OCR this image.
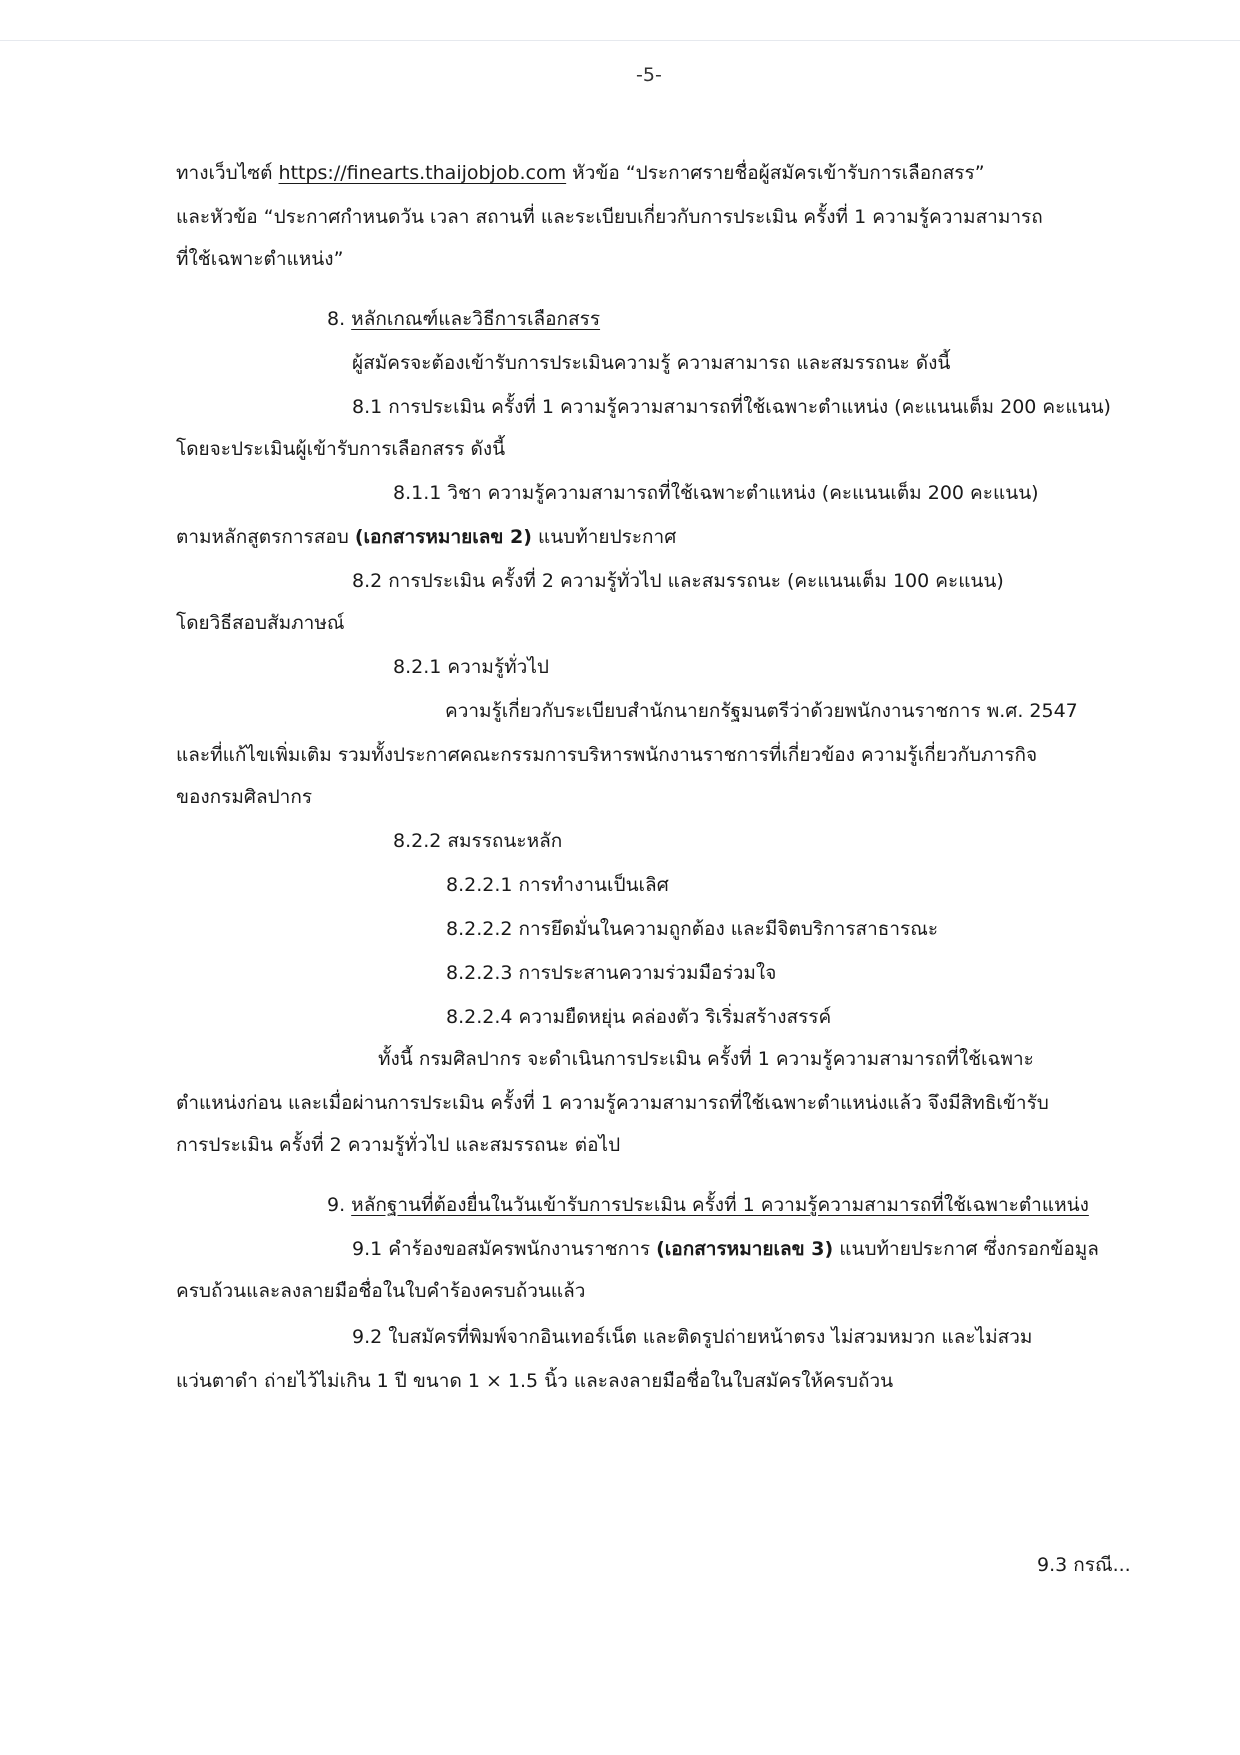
-5-
ทางเว็บไซต์ https://finearts.thaijobjob.com หัวข้อ “ประกาศรายชื่อผู้สมัครเข้ารับการเลือกสรร”
และหัวข้อ “ประกาศกำหนดวัน เวลา สถานที่ และระเบียบเกี่ยวกับการประเมิน ครั้งที่ 1 ความรู้ความสามารถ
ที่ใช้เฉพาะตำแหน่ง”
8. หลักเกณฑ์และวิธีการเลือกสรร
ผู้สมัครจะต้องเข้ารับการประเมินความรู้ ความสามารถ และสมรรถนะ ดังนี้
8.1 การประเมิน ครั้งที่ 1 ความรู้ความสามารถที่ใช้เฉพาะตำแหน่ง (คะแนนเต็ม 200 คะแนน)
โดยจะประเมินผู้เข้ารับการเลือกสรร ดังนี้
8.1.1 วิชา ความรู้ความสามารถที่ใช้เฉพาะตำแหน่ง (คะแนนเต็ม 200 คะแนน)
ตามหลักสูตรการสอบ (เอกสารหมายเลข 2) แนบท้ายประกาศ
8.2 การประเมิน ครั้งที่ 2 ความรู้ทั่วไป และสมรรถนะ (คะแนนเต็ม 100 คะแนน)
โดยวิธีสอบสัมภาษณ์
8.2.1 ความรู้ทั่วไป
ความรู้เกี่ยวกับระเบียบสำนักนายกรัฐมนตรีว่าด้วยพนักงานราชการ พ.ศ. 2547
และที่แก้ไขเพิ่มเติม รวมทั้งประกาศคณะกรรมการบริหารพนักงานราชการที่เกี่ยวข้อง ความรู้เกี่ยวกับภารกิจ
ของกรมศิลปากร
8.2.2 สมรรถนะหลัก
8.2.2.1 การทำงานเป็นเลิศ
8.2.2.2 การยึดมั่นในความถูกต้อง และมีจิตบริการสาธารณะ
8.2.2.3 การประสานความร่วมมือร่วมใจ
8.2.2.4 ความยืดหยุ่น คล่องตัว ริเริ่มสร้างสรรค์
ทั้งนี้ กรมศิลปากร จะดำเนินการประเมิน ครั้งที่ 1 ความรู้ความสามารถที่ใช้เฉพาะ
ตำแหน่งก่อน และเมื่อผ่านการประเมิน ครั้งที่ 1 ความรู้ความสามารถที่ใช้เฉพาะตำแหน่งแล้ว จึงมีสิทธิเข้ารับ
การประเมิน ครั้งที่ 2 ความรู้ทั่วไป และสมรรถนะ ต่อไป
9. หลักฐานที่ต้องยื่นในวันเข้ารับการประเมิน ครั้งที่ 1 ความรู้ความสามารถที่ใช้เฉพาะตำแหน่ง
9.1 คำร้องขอสมัครพนักงานราชการ (เอกสารหมายเลข 3) แนบท้ายประกาศ ซึ่งกรอกข้อมูล
ครบถ้วนและลงลายมือชื่อในใบคำร้องครบถ้วนแล้ว
9.2 ใบสมัครที่พิมพ์จากอินเทอร์เน็ต และติดรูปถ่ายหน้าตรง ไม่สวมหมวก และไม่สวม
แว่นตาดำ ถ่ายไว้ไม่เกิน 1 ปี ขนาด 1 × 1.5 นิ้ว และลงลายมือชื่อในใบสมัครให้ครบถ้วน
9.3 กรณี...
